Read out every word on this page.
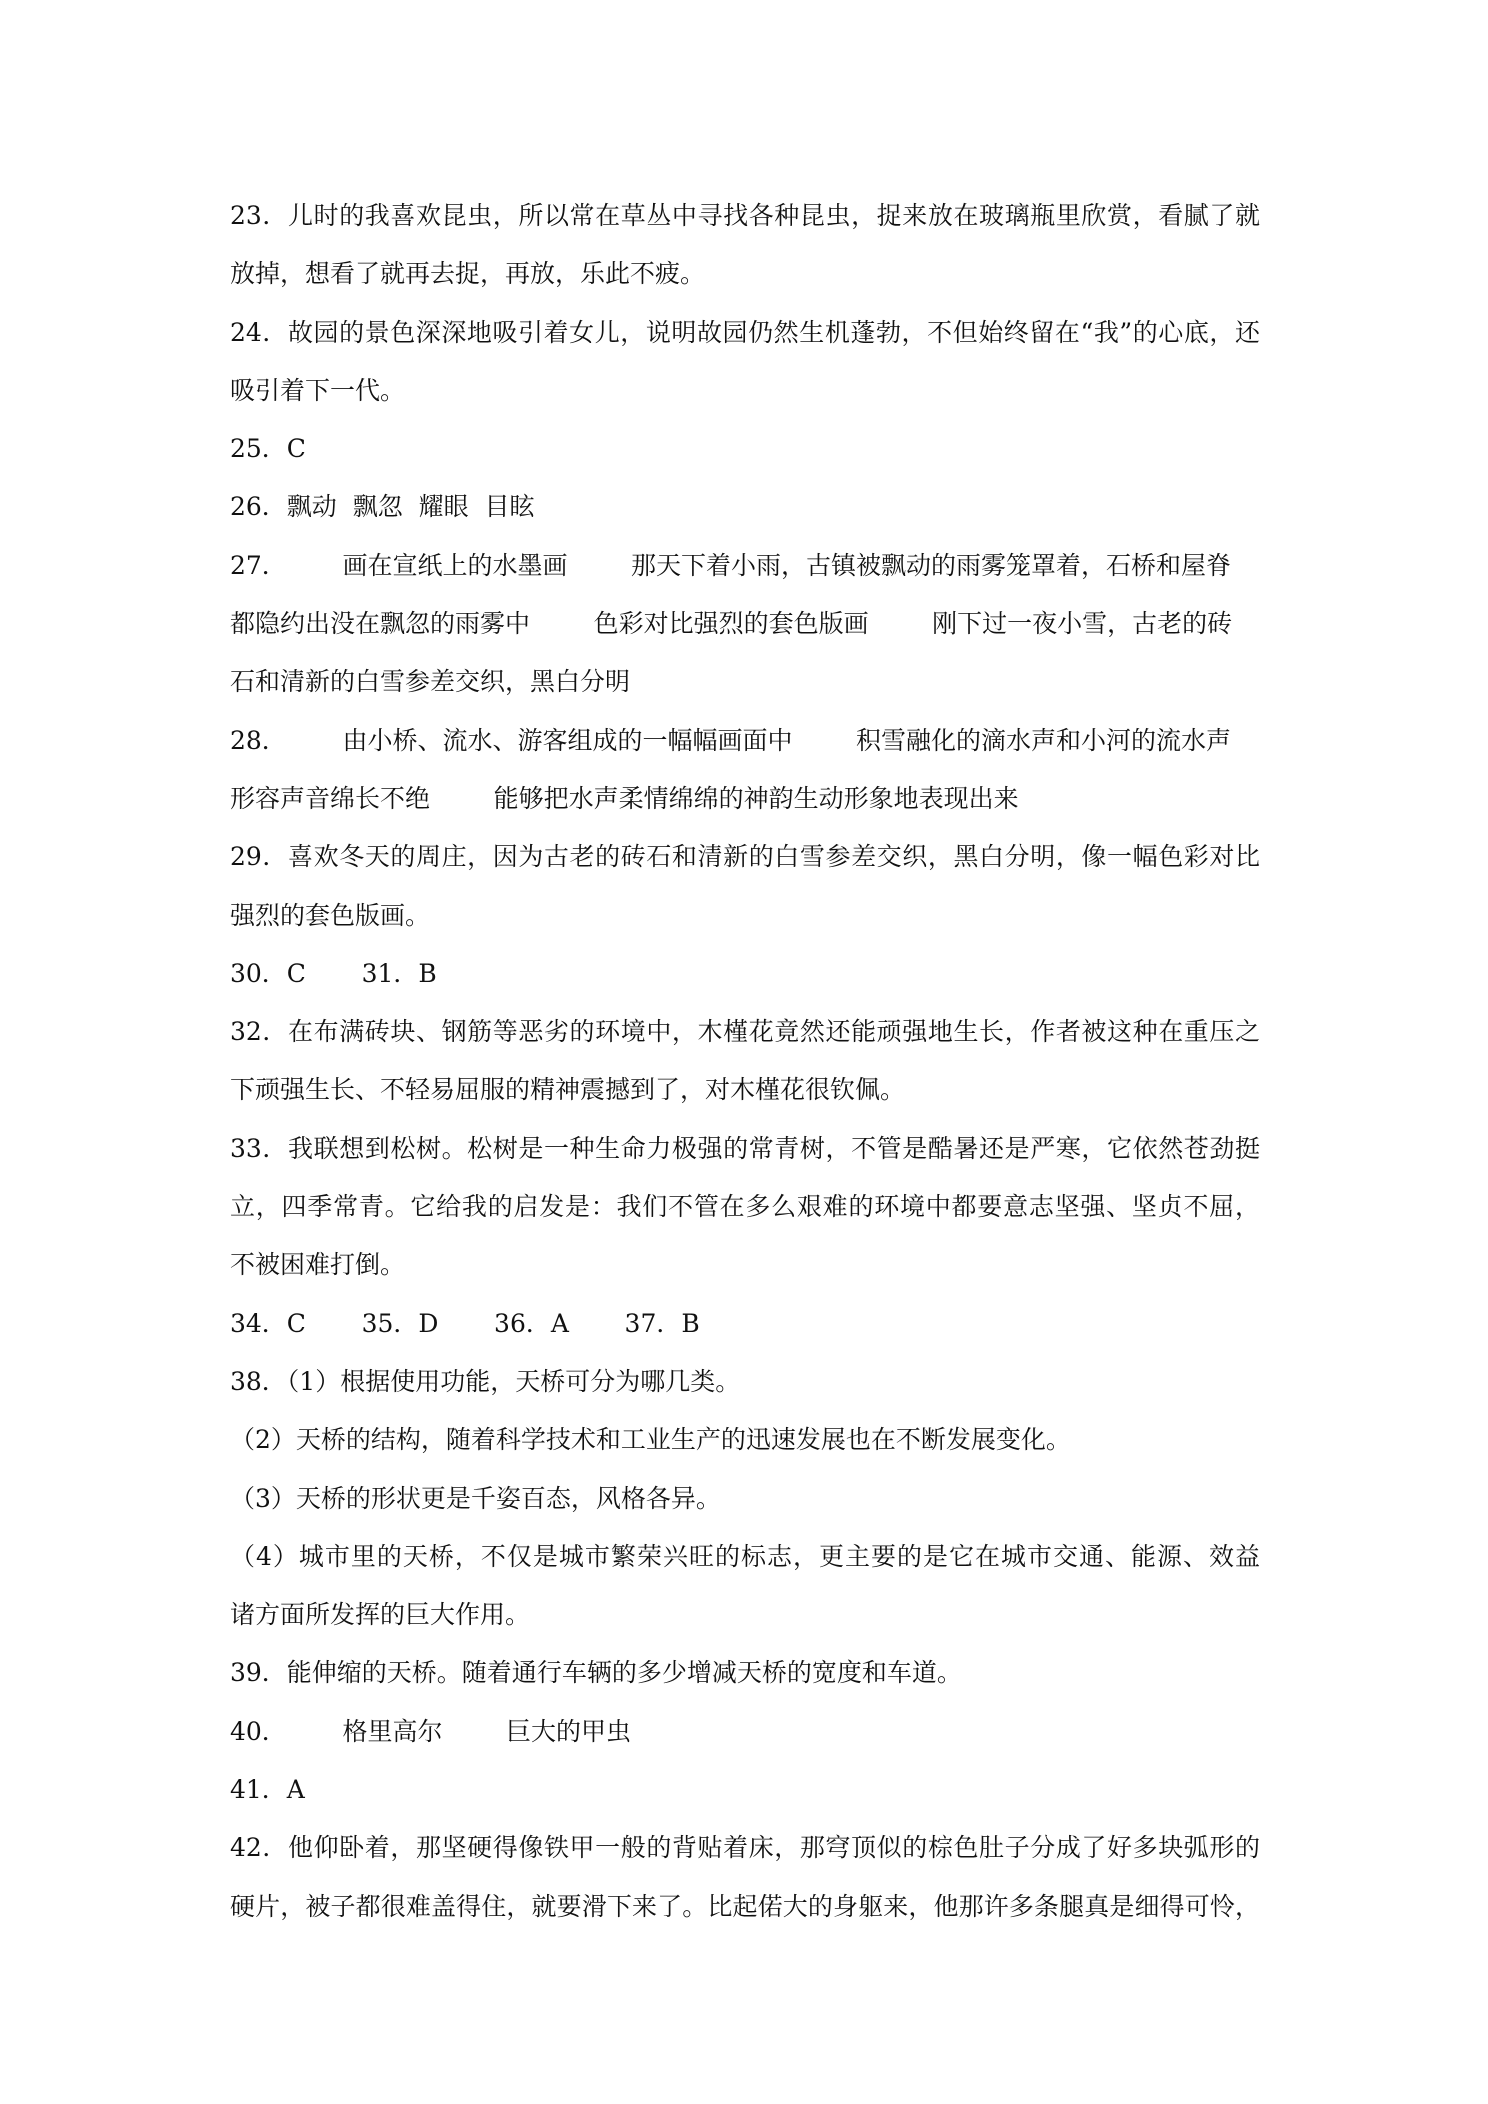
23．儿时的我喜欢昆虫，所以常在草丛中寻找各种昆虫，捉来放在玻璃瓶里欣赏，看腻了就
放掉，想看了就再去捉，再放，乐此不疲。
24．故园的景色深深地吸引着女儿，说明故园仍然生机蓬勃，不但始终留在“我”的心底，还
吸引着下一代。
25．C
26．飘动  飘忽  耀眼  目眩
27．       画在宣纸上的水墨画        那天下着小雨，古镇被飘动的雨雾笼罩着，石桥和屋脊
都隐约出没在飘忽的雨雾中        色彩对比强烈的套色版画        刚下过一夜小雪，古老的砖
石和清新的白雪参差交织，黑白分明
28．       由小桥、流水、游客组成的一幅幅画面中        积雪融化的滴水声和小河的流水声
形容声音绵长不绝        能够把水声柔情绵绵的神韵生动形象地表现出来
29．喜欢冬天的周庄，因为古老的砖石和清新的白雪参差交织，黑白分明，像一幅色彩对比
强烈的套色版画。
30．C       31．B
32．在布满砖块、钢筋等恶劣的环境中，木槿花竟然还能顽强地生长，作者被这种在重压之
下顽强生长、不轻易屈服的精神震撼到了，对木槿花很钦佩。
33．我联想到松树。松树是一种生命力极强的常青树，不管是酷暑还是严寒，它依然苍劲挺
立，四季常青。它给我的启发是：我们不管在多么艰难的环境中都要意志坚强、坚贞不屈，
不被困难打倒。
34．C       35．D       36．A       37．B
38．（1）根据使用功能，天桥可分为哪几类。
（2）天桥的结构，随着科学技术和工业生产的迅速发展也在不断发展变化。
（3）天桥的形状更是千姿百态，风格各异。
（4）城市里的天桥，不仅是城市繁荣兴旺的标志，更主要的是它在城市交通、能源、效益
诸方面所发挥的巨大作用。
39．能伸缩的天桥。随着通行车辆的多少增减天桥的宽度和车道。
40．       格里高尔        巨大的甲虫
41．A
42．他仰卧着，那坚硬得像铁甲一般的背贴着床，那穹顶似的棕色肚子分成了好多块弧形的
硬片，被子都很难盖得住，就要滑下来了。比起偌大的身躯来，他那许多条腿真是细得可怜，
